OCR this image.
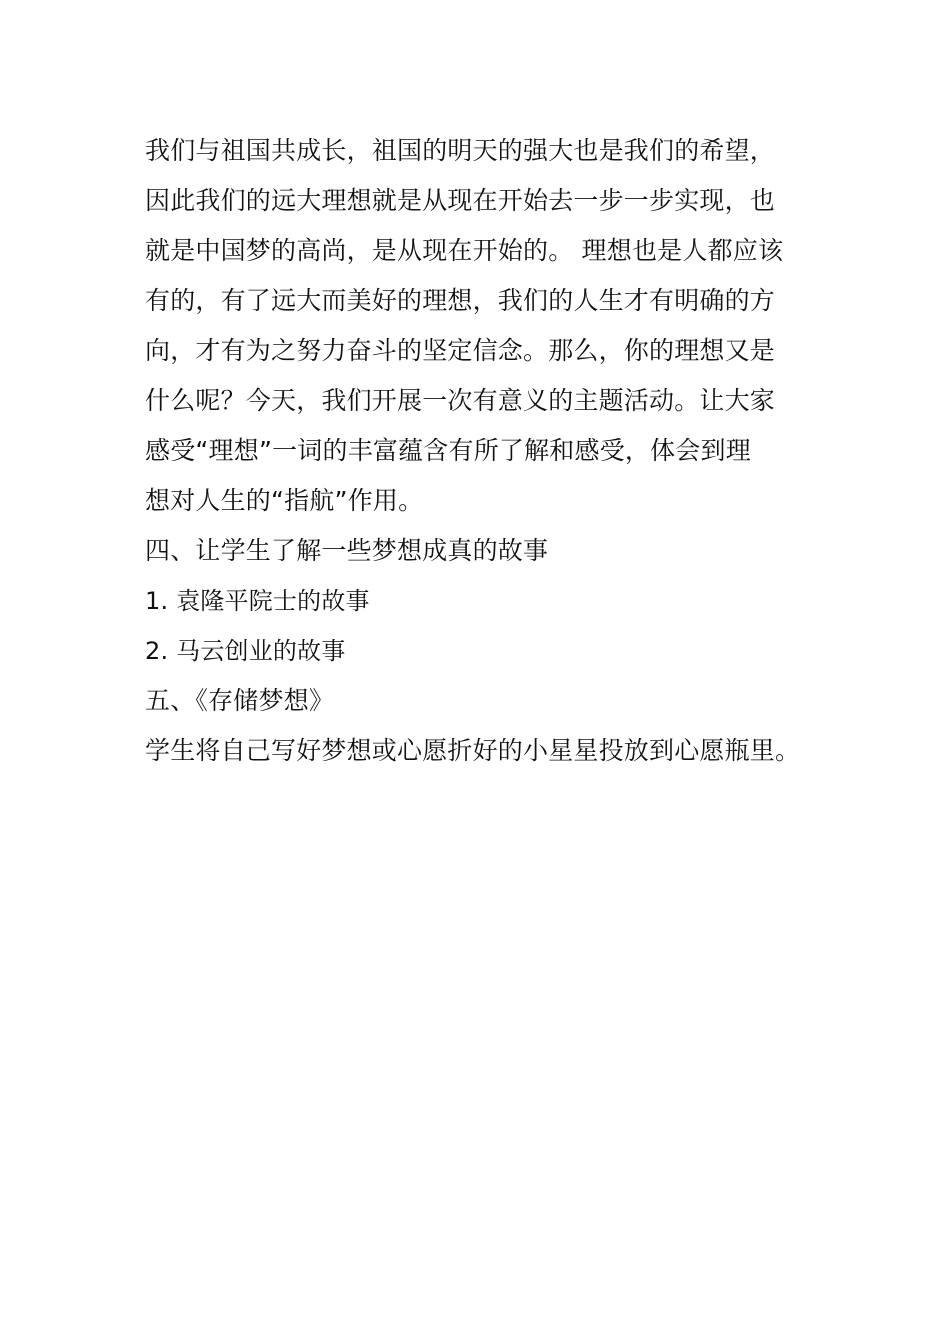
我们与祖国共成长，祖国的明天的强大也是我们的希望，
因此我们的远大理想就是从现在开始去一步一步实现，也
就是中国梦的高尚，是从现在开始的。 理想也是人都应该
有的，有了远大而美好的理想，我们的人生才有明确的方
向，才有为之努力奋斗的坚定信念。那么，你的理想又是
什么呢？今天，我们开展一次有意义的主题活动。让大家
感受“理想”一词的丰富蕴含有所了解和感受，体会到理
想对人生的“指航”作用。
四、让学生了解一些梦想成真的故事
1. 袁隆平院士的故事
2. 马云创业的故事
五、《存储梦想》
学生将自己写好梦想或心愿折好的小星星投放到心愿瓶里。
